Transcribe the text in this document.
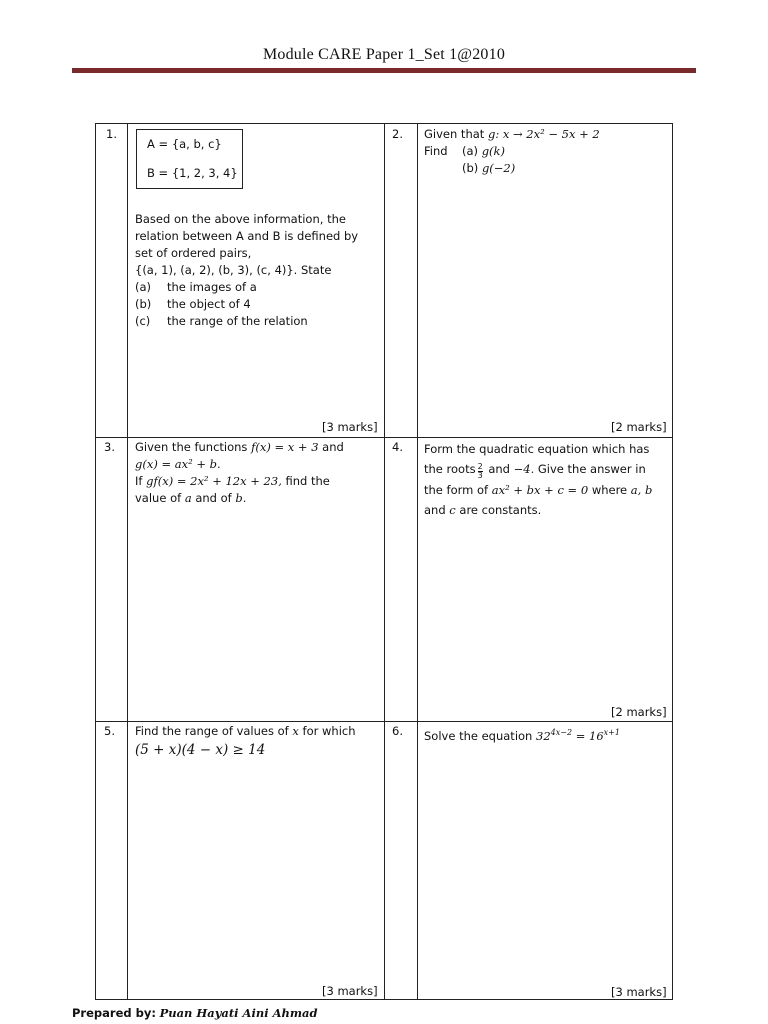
Module CARE Paper 1_Set 1@2010
1.
A = {a, b, c}
B = {1, 2, 3, 4}
Based on the above information, the
relation between A and B is defined by
set of ordered pairs,
{(a, 1), (a, 2), (b, 3), (c, 4)}. State
(a) the images of a
(b) the object of 4
(c) the range of the relation
[3 marks]
2. Given that g: x → 2x² − 5x + 2
Find (a) g(k)
(b) g(−2)
[2 marks]
3. Given the functions f(x) = x + 3 and
g(x) = ax² + b.
If gf(x) = 2x² + 12x + 23, find the
value of a and of b.
4. Form the quadratic equation which has
the roots $\frac{2}{3}$ and −4. Give the answer in
the form of ax² + bx + c = 0 where a, b
and c are constants.
[2 marks]
5. Find the range of values of x for which
(5 + x)(4 − x) ≥ 14
[3 marks]
6. Solve the equation $32^{4x-2} = 16^{x+1}$
[3 marks]
Prepared by: Puan Hayati Aini Ahmad
